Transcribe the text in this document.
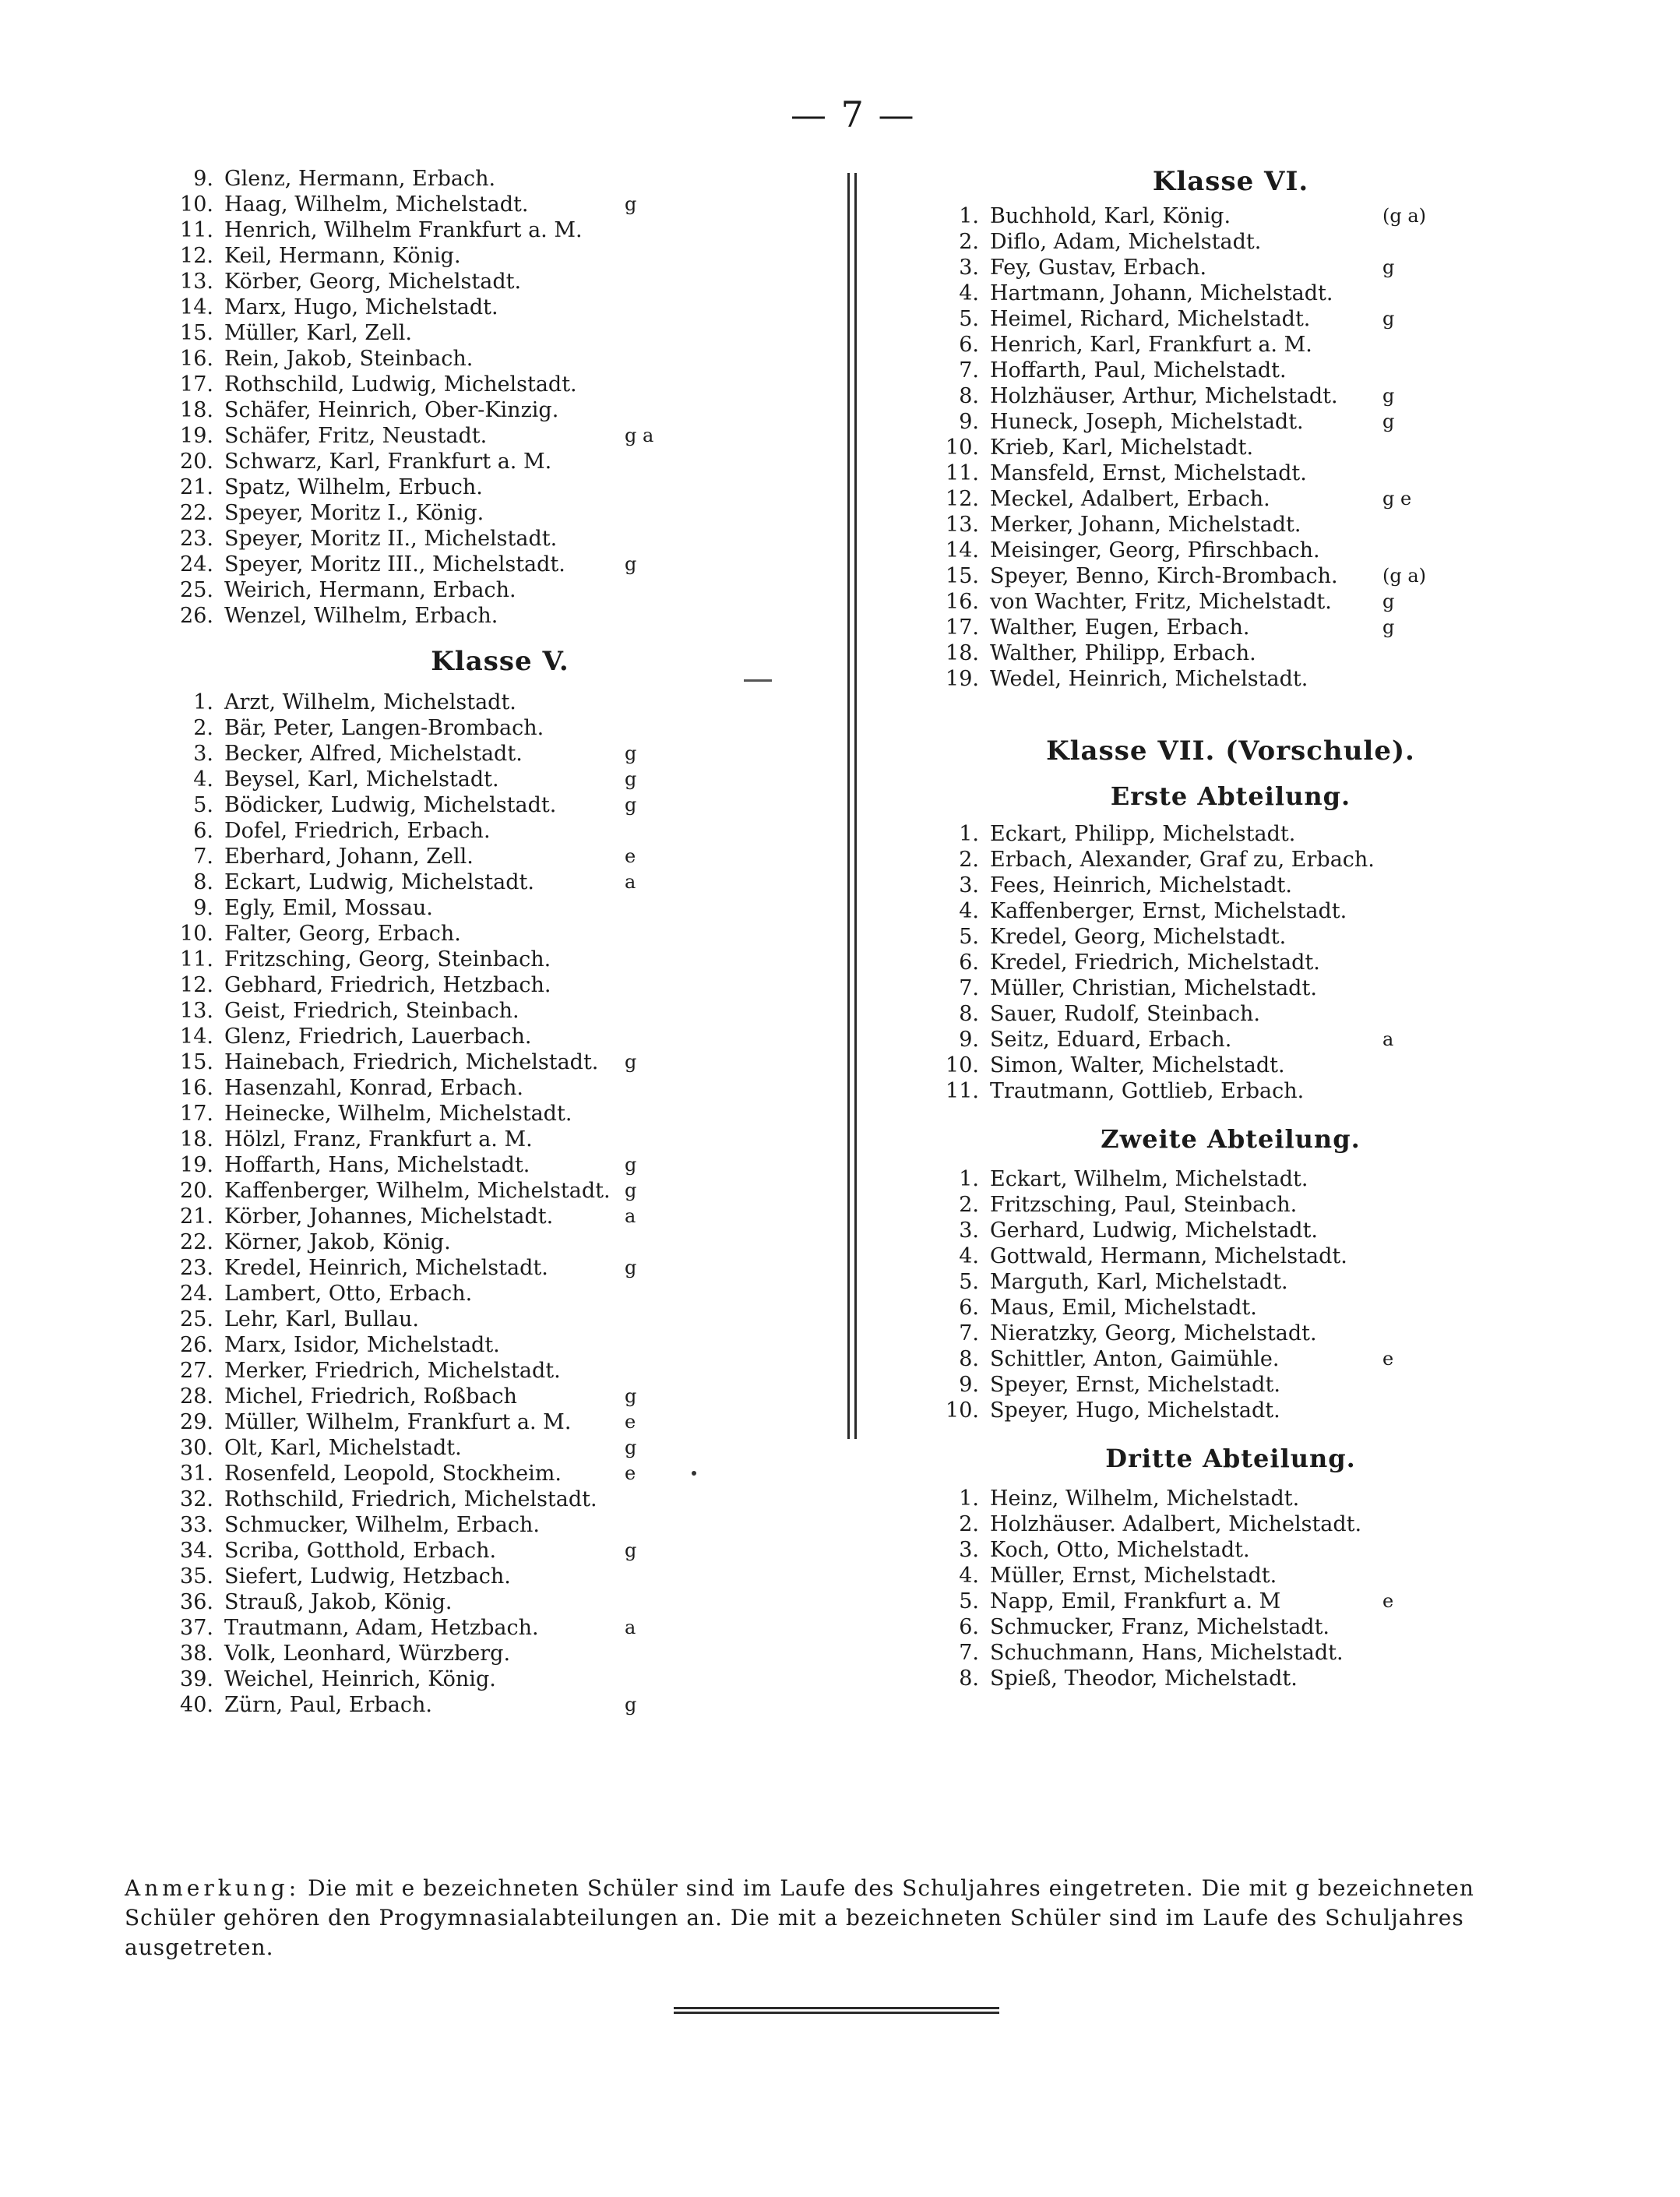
— 7 —
9. Glenz, Hermann, Erbach.
10. Haag, Wilhelm, Michelstadt.	g
11. Henrich, Wilhelm Frankfurt a. M.
12. Keil, Hermann, König.
13. Körber, Georg, Michelstadt.
14. Marx, Hugo, Michelstadt.
15. Müller, Karl, Zell.
16. Rein, Jakob, Steinbach.
17. Rothschild, Ludwig, Michelstadt.
18. Schäfer, Heinrich, Ober-Kinzig.
19. Schäfer, Fritz, Neustadt.	g a
20. Schwarz, Karl, Frankfurt a. M.
21. Spatz, Wilhelm, Erbuch.
22. Speyer, Moritz I., König.
23. Speyer, Moritz II., Michelstadt.
24. Speyer, Moritz III., Michelstadt.	g
25. Weirich, Hermann, Erbach.
26. Wenzel, Wilhelm, Erbach.
Klasse V.
1. Arzt, Wilhelm, Michelstadt.
2. Bär, Peter, Langen-Brombach.
3. Becker, Alfred, Michelstadt.	g
4. Beysel, Karl, Michelstadt.	g
5. Bödicker, Ludwig, Michelstadt.	g
6. Dofel, Friedrich, Erbach.
7. Eberhard, Johann, Zell.	e
8. Eckart, Ludwig, Michelstadt.	a
9. Egly, Emil, Mossau.
10. Falter, Georg, Erbach.
11. Fritzsching, Georg, Steinbach.
12. Gebhard, Friedrich, Hetzbach.
13. Geist, Friedrich, Steinbach.
14. Glenz, Friedrich, Lauerbach.
15. Hainebach, Friedrich, Michelstadt. g
16. Hasenzahl, Konrad, Erbach.
17. Heinecke, Wilhelm, Michelstadt.
18. Hölzl, Franz, Frankfurt a. M.
19. Hoffarth, Hans, Michelstadt.	g
20. Kaffenberger, Wilhelm, Michelstadt. g
21. Körber, Johannes, Michelstadt.	a
22. Körner, Jakob, König.
23. Kredel, Heinrich, Michelstadt.	g
24. Lambert, Otto, Erbach.
25. Lehr, Karl, Bullau.
26. Marx, Isidor, Michelstadt.
27. Merker, Friedrich, Michelstadt.
28. Michel, Friedrich, Roßbach	g
29. Müller, Wilhelm, Frankfurt a. M.	e
30. Olt, Karl, Michelstadt.	g
31. Rosenfeld, Leopold, Stockheim.	e
32. Rothschild, Friedrich, Michelstadt.
33. Schmucker, Wilhelm, Erbach.
34. Scriba, Gotthold, Erbach.	g
35. Siefert, Ludwig, Hetzbach.
36. Strauß, Jakob, König.
37. Trautmann, Adam, Hetzbach.	a
38. Volk, Leonhard, Würzberg.
39. Weichel, Heinrich, König.
40. Zürn, Paul, Erbach.	g
Klasse VI.
1. Buchhold, Karl, König.	(g a)
2. Diflo, Adam, Michelstadt.
3. Fey, Gustav, Erbach.	g
4. Hartmann, Johann, Michelstadt.
5. Heimel, Richard, Michelstadt.	g
6. Henrich, Karl, Frankfurt a. M.
7. Hoffarth, Paul, Michelstadt.
8. Holzhäuser, Arthur, Michelstadt. g
9. Huneck, Joseph, Michelstadt.	g
10. Krieb, Karl, Michelstadt.
11. Mansfeld, Ernst, Michelstadt.
12. Meckel, Adalbert, Erbach.	g e
13. Merker, Johann, Michelstadt.
14. Meisinger, Georg, Pfirschbach.
15. Speyer, Benno, Kirch-Brombach. (g a)
16. von Wachter, Fritz, Michelstadt.	g
17. Walther, Eugen, Erbach.	g
18. Walther, Philipp, Erbach.
19. Wedel, Heinrich, Michelstadt.
Klasse VII. (Vorschule).
Erste Abteilung.
1. Eckart, Philipp, Michelstadt.
2. Erbach, Alexander, Graf zu, Erbach.
3. Fees, Heinrich, Michelstadt.
4. Kaffenberger, Ernst, Michelstadt.
5. Kredel, Georg, Michelstadt.
6. Kredel, Friedrich, Michelstadt.
7. Müller, Christian, Michelstadt.
8. Sauer, Rudolf, Steinbach.
9. Seitz, Eduard, Erbach.	a
10. Simon, Walter, Michelstadt.
11. Trautmann, Gottlieb, Erbach.
Zweite Abteilung.
1. Eckart, Wilhelm, Michelstadt.
2. Fritzsching, Paul, Steinbach.
3. Gerhard, Ludwig, Michelstadt.
4. Gottwald, Hermann, Michelstadt.
5. Marguth, Karl, Michelstadt.
6. Maus, Emil, Michelstadt.
7. Nieratzky, Georg, Michelstadt.
8. Schittler, Anton, Gaimühle.	e
9. Speyer, Ernst, Michelstadt.
10. Speyer, Hugo, Michelstadt.
Dritte Abteilung.
1. Heinz, Wilhelm, Michelstadt.
2. Holzhäuser. Adalbert, Michelstadt.
3. Koch, Otto, Michelstadt.
4. Müller, Ernst, Michelstadt.
5. Napp, Emil, Frankfurt a. M	e
6. Schmucker, Franz, Michelstadt.
7. Schuchmann, Hans, Michelstadt.
8. Spieß, Theodor, Michelstadt.
Anmerkung: Die mit e bezeichneten Schüler sind im Laufe des Schuljahres eingetreten. Die mit g bezeichneten Schüler gehören den Progymnasialabteilungen an. Die mit a bezeichneten Schüler sind im Laufe des Schuljahres ausgetreten.
